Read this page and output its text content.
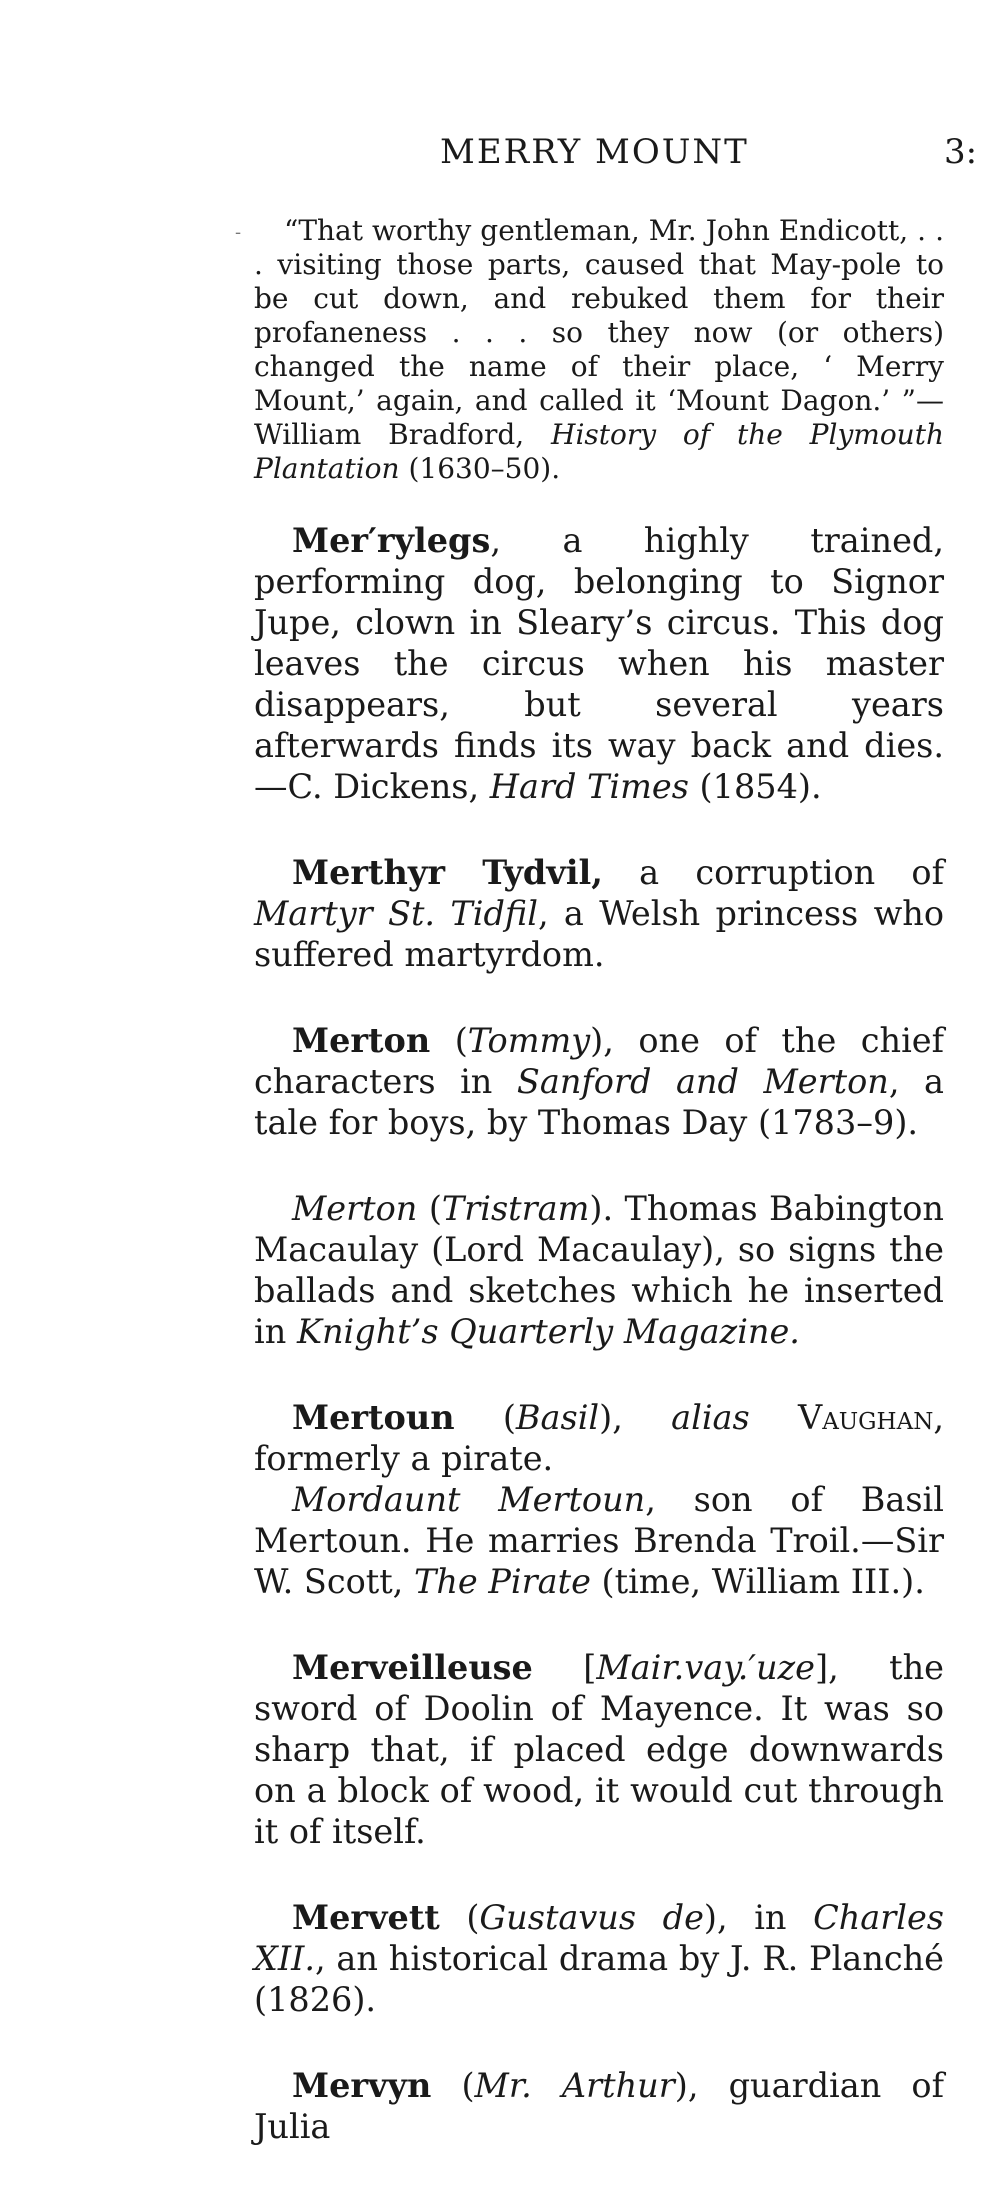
MERRY MOUNT	3:
-	“That worthy gentleman, Mr. John Endicott, . . . visiting those parts, caused that May-pole to be cut down, and rebuked them for their profaneness . . . so they now (or others) changed the name of their place, ‘ Merry Mount,’ again, and called it ‘Mount Dagon.’ ”—William Bradford, History of the Plymouth Plantation (1630–50).

Mer′rylegs, a highly trained, performing dog, belonging to Signor Jupe, clown in Sleary’s circus. This dog leaves the circus when his master disappears, but several years afterwards finds its way back and dies.—C. Dickens, Hard Times (1854).

Merthyr Tydvil, a corruption of Martyr St. Tidfil, a Welsh princess who suffered martyrdom.

Merton (Tommy), one of the chief characters in Sanford and Merton, a tale for boys, by Thomas Day (1783–9).

Merton (Tristram). Thomas Babington Macaulay (Lord Macaulay), so signs the ballads and sketches which he inserted in Knight’s Quarterly Magazine.

Mertoun (Basil), alias Vaughan, formerly a pirate.

Mordaunt Mertoun, son of Basil Mertoun. He marries Brenda Troil.—Sir W. Scott, The Pirate (time, William III.).

Merveilleuse [Mair.vay.′uze], the sword of Doolin of Mayence. It was so sharp that, if placed edge downwards on a block of wood, it would cut through it of itself.

Mervett (Gustavus de), in Charles XII., an historical drama by J. R. Planché (1826).

Mervyn (Mr. Arthur), guardian of Julia
